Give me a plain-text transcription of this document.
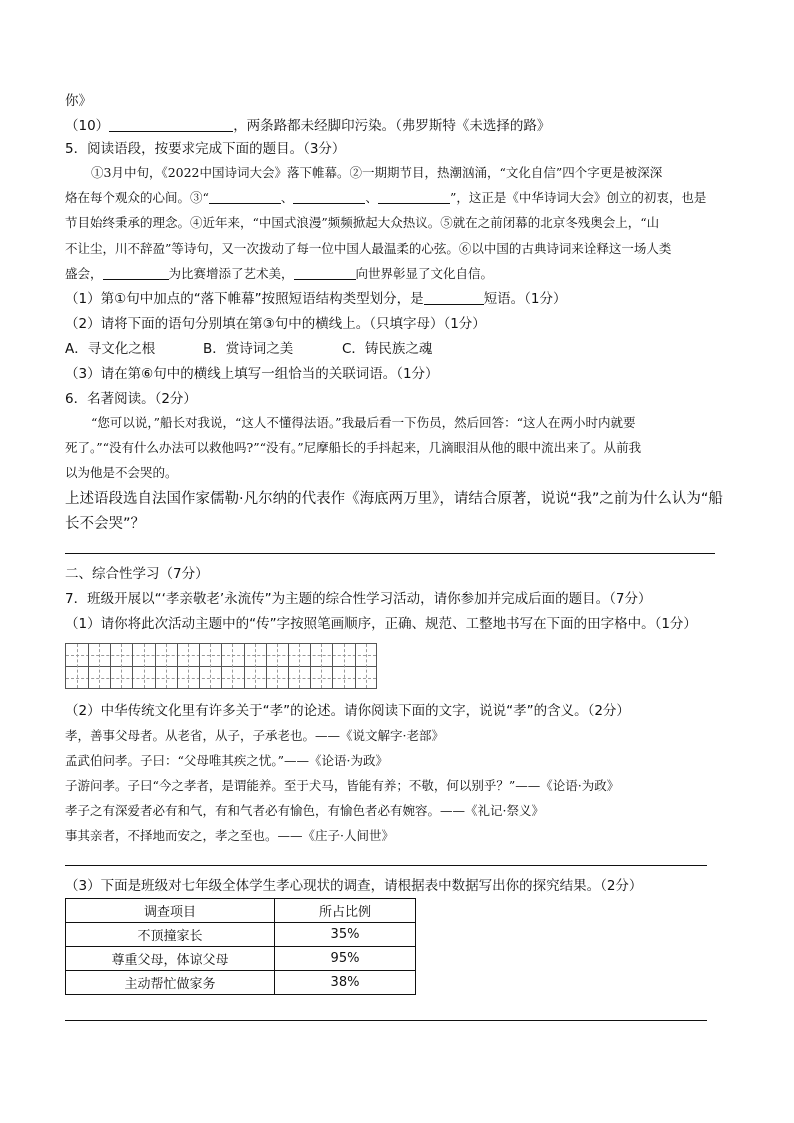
你》
（10）	，两条路都未经脚印污染。（弗罗斯特《未选择的路》
5．阅读语段，按要求完成下面的题目。（3分）
①3月中旬，《2022中国诗词大会》落下帷幕。②一期期节目，热潮汹涌，“文化自信”四个字更是被深深
烙在每个观众的心间。③“	、	、	”，这正是《中华诗词大会》创立的初衷，也是
节目始终秉承的理念。④近年来，“中国式浪漫”频频掀起大众热议。⑤就在之前闭幕的北京冬残奥会上，“山
不让尘，川不辞盈”等诗句，又一次拨动了每一位中国人最温柔的心弦。⑥以中国的古典诗词来诠释这一场人类
盛会，	为比赛增添了艺术美，	向世界彰显了文化自信。
（1）第①句中加点的“落下帷幕”按照短语结构类型划分，是	短语。（1分）
（2）请将下面的语句分别填在第③句中的横线上。（只填字母）（1分）
A．寻文化之根	B．赏诗词之美	C．铸民族之魂
（3）请在第⑥句中的横线上填写一组恰当的关联词语。（1分）
6．名著阅读。（2分）
“您可以说，”船长对我说，“这人不懂得法语。”我最后看一下伤员，然后回答：“这人在两小时内就要
死了。”“没有什么办法可以救他吗?”“没有。”尼摩船长的手抖起来，几滴眼泪从他的眼中流出来了。从前我
以为他是不会哭的。
上述语段选自法国作家儒勒·凡尔纳的代表作《海底两万里》，请结合原著，说说“我”之前为什么认为“船
长不会哭”？
二、综合性学习（7分）
7．班级开展以“‘孝亲敬老’永流传”为主题的综合性学习活动，请你参加并完成后面的题目。（7分）
（1）请你将此次活动主题中的“传”字按照笔画顺序，正确、规范、工整地书写在下面的田字格中。（1分）
（2）中华传统文化里有许多关于“孝”的论述。请你阅读下面的文字，说说“孝”的含义。（2分）
孝，善事父母者。从老省，从子，子承老也。——《说文解字·老部》
孟武伯问孝。子曰：“父母唯其疾之忧。”——《论语·为政》
子游问孝。子曰“今之孝者，是谓能养。至于犬马，皆能有养；不敬，何以别乎？”——《论语·为政》
孝子之有深爱者必有和气，有和气者必有愉色，有愉色者必有婉容。——《礼记·祭义》
事其亲者，不择地而安之，孝之至也。——《庄子·人间世》
（3）下面是班级对七年级全体学生孝心现状的调查，请根据表中数据写出你的探究结果。（2分）
调查项目	所占比例
不顶撞家长	35%
尊重父母，体谅父母	95%
主动帮忙做家务	38%
